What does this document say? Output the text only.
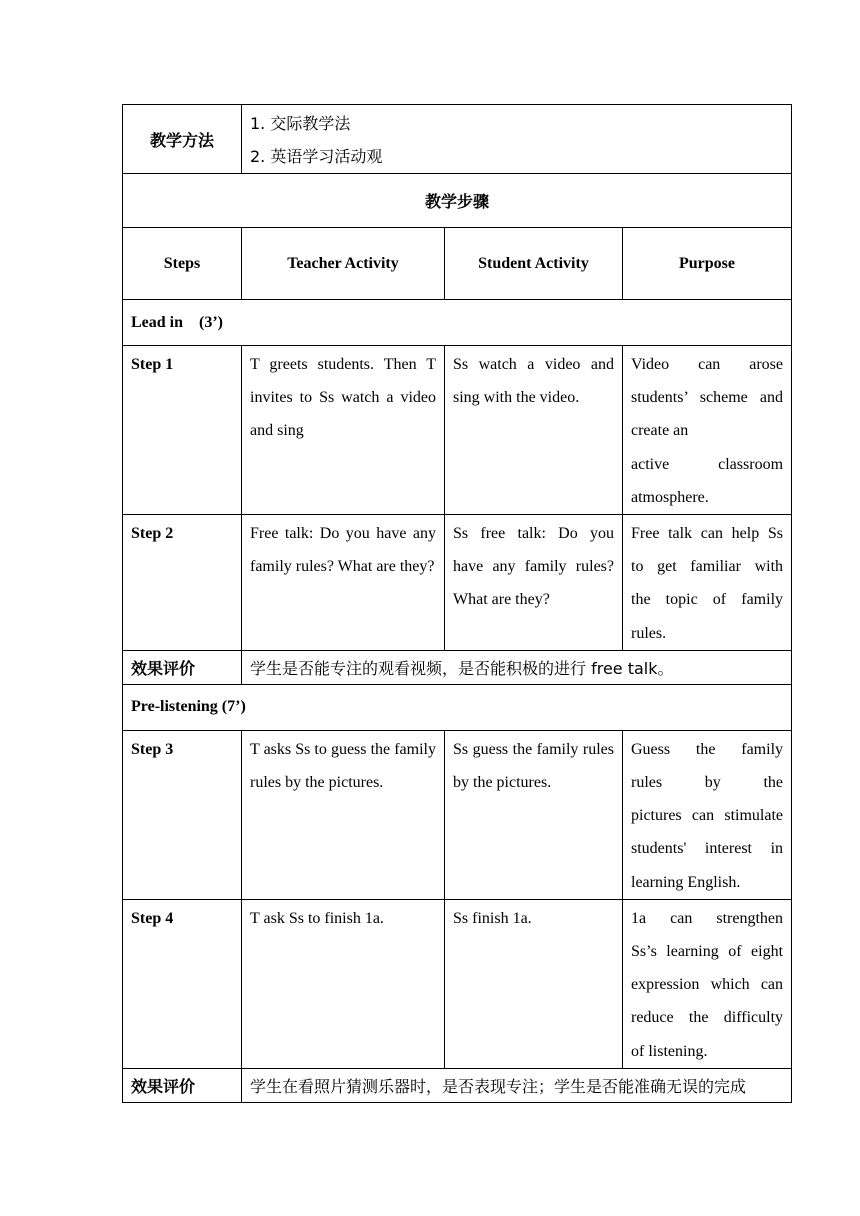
教学方法	1. 交际教学法
2. 英语学习活动观		

教学步骤			
Steps	Teacher Activity	Student Activity	Purpose
Lead in    (3’)			
Step 1	T greets students. Then T invites to Ss watch a video and sing	Ss watch a video and sing with the video.	Video can arose
students’ scheme and
create an
active classroom
atmosphere.

Step 2	Free talk: Do you have any family rules? What are they?	Ss free talk: Do you have any family rules? What are they?	Free talk can help Ss
to get familiar with
the topic of family
rules.

效果评价	学生是否能专注的观看视频，是否能积极的进行 free talk。		
Pre-listening (7’)			
Step 3	T asks Ss to guess the family rules by the pictures.	Ss guess the family rules  by the pictures.	Guess the family
rules by the
pictures can stimulate
students' interest in
learning English.

Step 4	T ask Ss to finish 1a.	Ss finish 1a.	1a can strengthen
Ss’s learning of eight
expression which can
reduce the difficulty
of listening.

效果评价	学生在看照片猜测乐器时，是否表现专注；学生是否能准确无误的完成		
